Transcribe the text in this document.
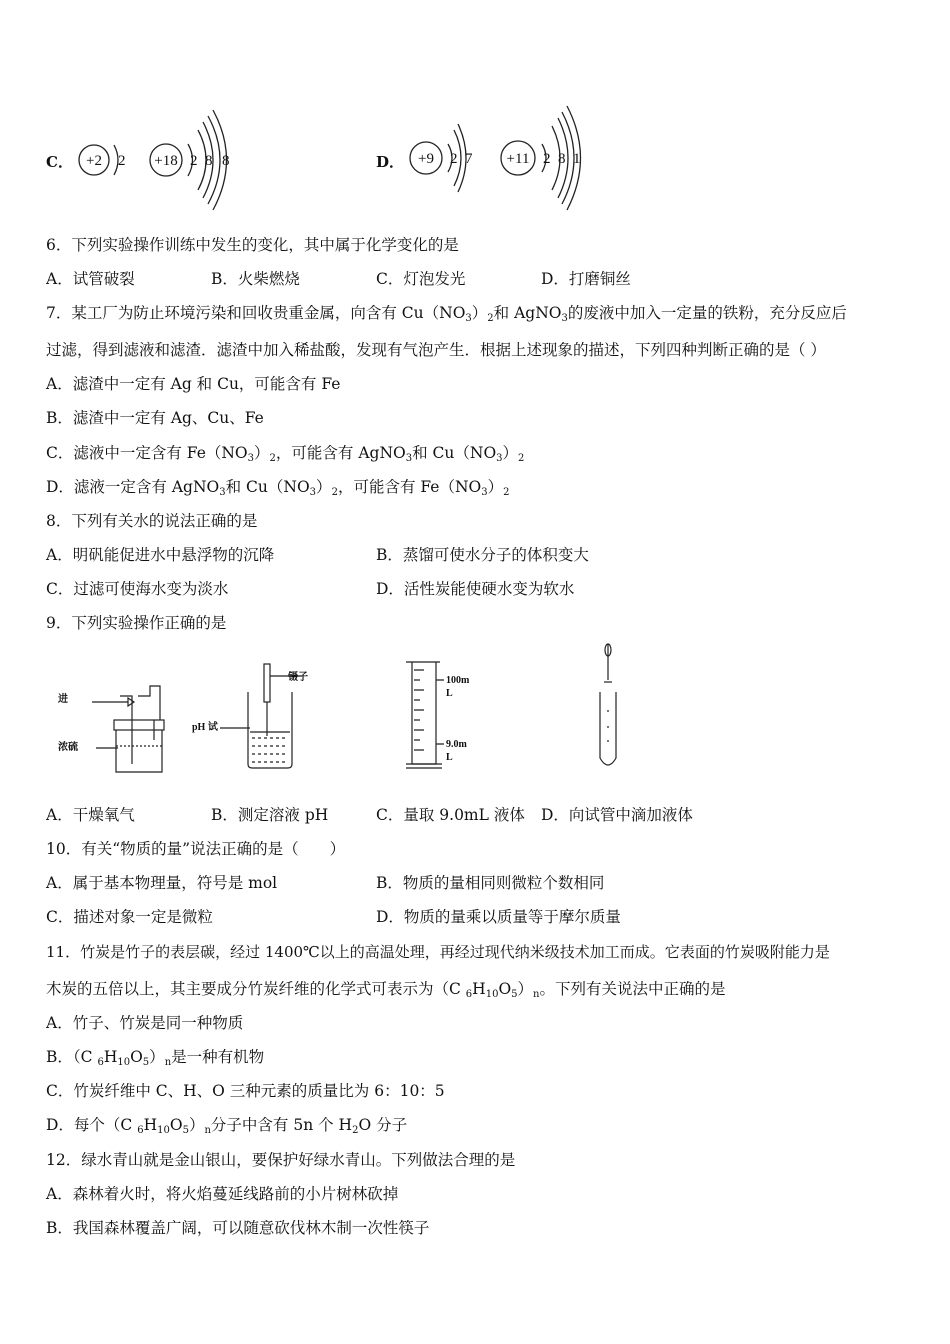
C．	D．
+2 2 +18 2 8 8	+9 2 7 +11 2 8 1
6．下列实验操作训练中发生的变化，其中属于化学变化的是
A．试管破裂	B．火柴燃烧	C．灯泡发光	D．打磨铜丝
7．某工厂为防止环境污染和回收贵重金属，向含有 $Cu(NO_3)_2$和 AgNO$_3$的废液中加入一定量的铁粉，充分反应后
过滤，得到滤液和滤渣．滤渣中加入稀盐酸，发现有气泡产生．根据上述现象的描述，下列四种判断正确的是（ ）
A．滤渣中一定有 Ag 和 Cu，可能含有 Fe
B．滤渣中一定有 Ag、Cu、Fe
C．滤液中一定含有 $Fe(NO_3)_2$，可能含有 AgNO$_3$和 $Cu(NO_3)_2$
D．滤液一定含有 AgNO$_3$和 $Cu(NO_3)_2$，可能含有 $Fe(NO_3)_2$
8．下列有关水的说法正确的是
A．明矾能促进水中悬浮物的沉降	B．蒸馏可使水分子的体积变大
C．过滤可使海水变为淡水	D．活性炭能使硬水变为软水
9．下列实验操作正确的是
进
浓硫
镊子
pH 试
100m
L
9.0m
L
A．干燥氧气	B．测定溶液 pH	C．量取 9.0mL 液体 D．向试管中滴加液体
10．有关“物质的量”说法正确的是（　　）
A．属于基本物理量，符号是 mol	B．物质的量相同则微粒个数相同
C．描述对象一定是微粒	D．物质的量乘以质量等于摩尔质量
11．竹炭是竹子的表层碳，经过 1400℃以上的高温处理，再经过现代纳米级技术加工而成。它表面的竹炭吸附能力是
木炭的五倍以上，其主要成分竹炭纤维的化学式可表示为（C $_6H_{10}O_5)_n$。下列有关说法中正确的是
A．竹子、竹炭是同一种物质
B．（C $_6H_{10}O_5)_n$是一种有机物
C．竹炭纤维中 C、H、O 三种元素的质量比为 6：10：5
D．每个（C $_6H_{10}O_5)_n$分子中含有 5n 个 $H_2O$ 分子
12．绿水青山就是金山银山，要保护好绿水青山。下列做法合理的是
A．森林着火时，将火焰蔓延线路前的小片树林砍掉
B．我国森林覆盖广阔，可以随意砍伐林木制一次性筷子
